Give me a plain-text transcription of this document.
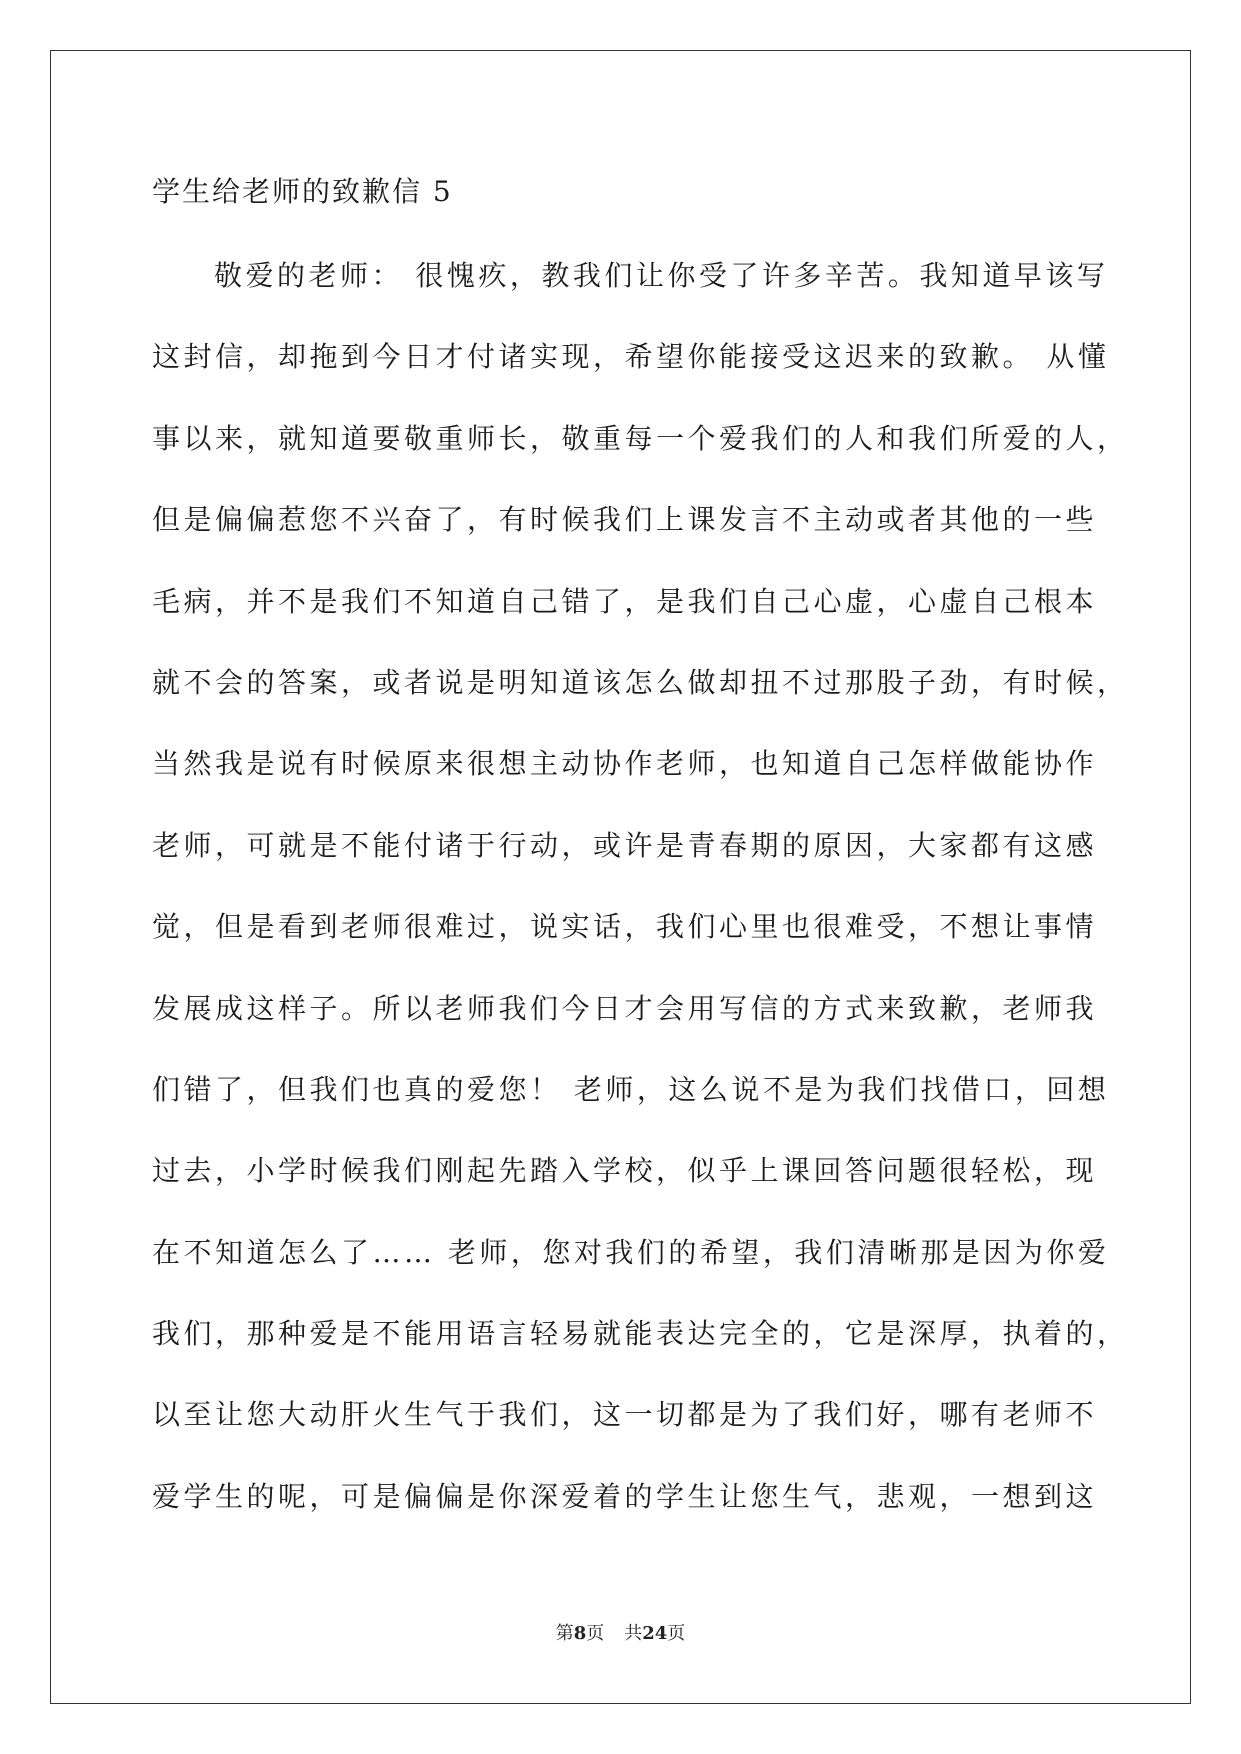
学生给老师的致歉信 5
敬爱的老师： 很愧疚，教我们让你受了许多辛苦。我知道早该写
这封信，却拖到今日才付诸实现，希望你能接受这迟来的致歉。 从懂
事以来，就知道要敬重师长，敬重每一个爱我们的人和我们所爱的人，
但是偏偏惹您不兴奋了，有时候我们上课发言不主动或者其他的一些
毛病，并不是我们不知道自己错了，是我们自己心虚，心虚自己根本
就不会的答案，或者说是明知道该怎么做却扭不过那股子劲，有时候，
当然我是说有时候原来很想主动协作老师，也知道自己怎样做能协作
老师，可就是不能付诸于行动，或许是青春期的原因，大家都有这感
觉，但是看到老师很难过，说实话，我们心里也很难受，不想让事情
发展成这样子。所以老师我们今日才会用写信的方式来致歉，老师我
们错了，但我们也真的爱您！ 老师，这么说不是为我们找借口，回想
过去，小学时候我们刚起先踏入学校，似乎上课回答问题很轻松，现
在不知道怎么了…… 老师，您对我们的希望，我们清晰那是因为你爱
我们，那种爱是不能用语言轻易就能表达完全的，它是深厚，执着的，
以至让您大动肝火生气于我们，这一切都是为了我们好，哪有老师不
爱学生的呢，可是偏偏是你深爱着的学生让您生气，悲观，一想到这
第8页 共24页
